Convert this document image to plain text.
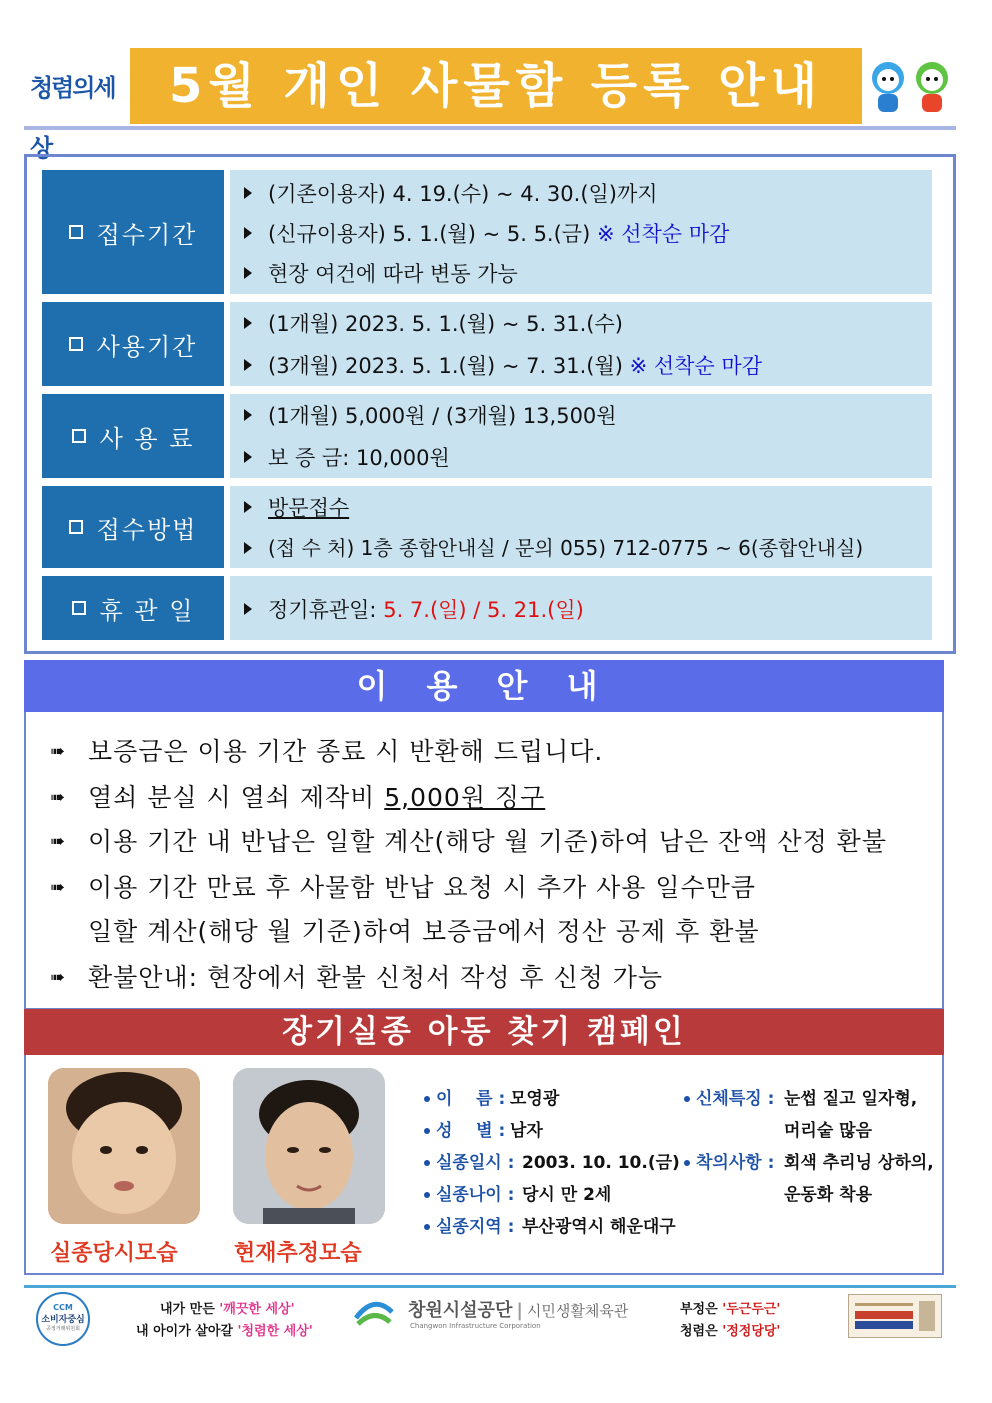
청렴의세상
5월 개인 사물함 등록 안내
접수기간
(기존이용자) 4. 19.(수) ~ 4. 30.(일)까지
(신규이용자) 5. 1.(월) ~ 5. 5.(금) ※ 선착순 마감
현장 여건에 따라 변동 가능
사용기간
(1개월) 2023. 5. 1.(월) ~ 5. 31.(수)
(3개월) 2023. 5. 1.(월) ~ 7. 31.(월) ※ 선착순 마감
사 용 료
(1개월) 5,000원 / (3개월) 13,500원
보 증 금: 10,000원
접수방법
방문접수
(접 수 처) 1층 종합안내실 / 문의 055) 712-0775 ~ 6(종합안내실)
휴 관 일	정기휴관일: 5. 7.(일) / 5. 21.(일)
이 용 안 내
➠ 보증금은 이용 기간 종료 시 반환해 드립니다.
➠ 열쇠 분실 시 열쇠 제작비 5,000원 징구
➠ 이용 기간 내 반납은 일할 계산(해당 월 기준)하여 남은 잔액 산정 환불
➠ 이용 기간 만료 후 사물함 반납 요청 시 추가 사용 일수만큼
일할 계산(해당 월 기준)하여 보증금에서 정산 공제 후 환불
➠ 환불안내: 현장에서 환불 신청서 작성 후 신청 가능
장기실종 아동 찾기 캠페인
실종당시모습	현재추정모습
이    름 : 모영광
성    별 : 남자
실종일시 : 2003. 10. 10.(금)
실종나이 : 당시 만 2세
실종지역 : 부산광역시 해운대구
신체특징 : 눈썹 짙고 일자형,
머리숱 많음
착의사항 : 회색 추리닝 상하의,
운동화 착용
CCM
소비자중심
공정거래위원회
내가 만든 '깨끗한 세상'
내 아이가 살아갈 '청렴한 세상'
창원시설공단 | 시민생활체육관
Changwon Infrastructure Corporation
부정은 '두근두근'
청렴은 '정정당당'
